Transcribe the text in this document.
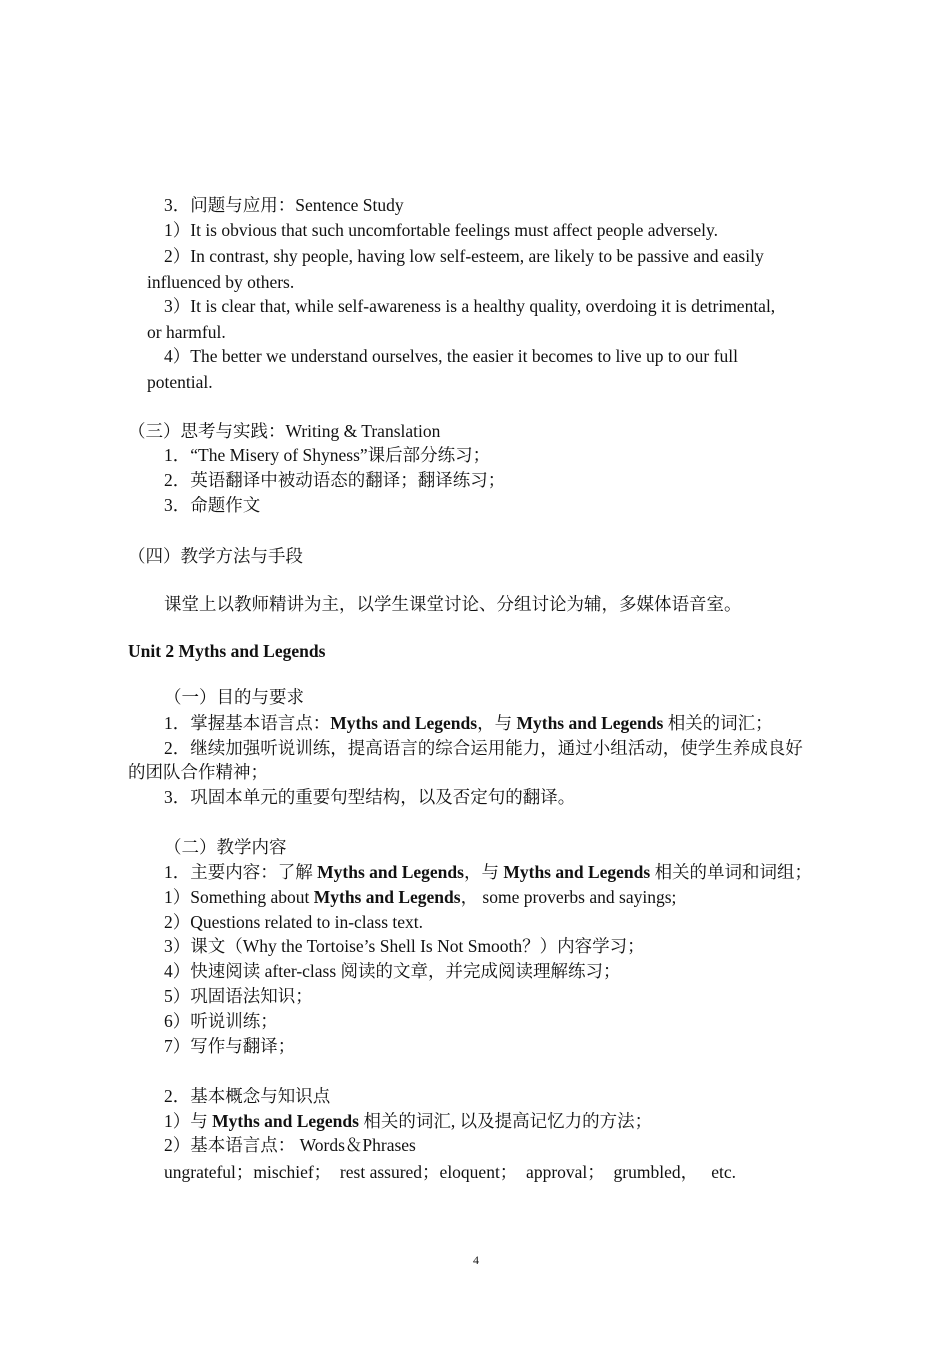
3．问题与应用：Sentence Study
1）It is obvious that such uncomfortable feelings must affect people adversely.
2）In contrast, shy people, having low self-esteem, are likely to be passive and easily
influenced by others.
3）It is clear that, while self-awareness is a healthy quality, overdoing it is detrimental,
or harmful.
4）The better we understand ourselves, the easier it becomes to live up to our full
potential.
（三）思考与实践：Writing & Translation
1．“The Misery of Shyness”课后部分练习；
2．英语翻译中被动语态的翻译；翻译练习；
3．命题作文
（四）教学方法与手段
课堂上以教师精讲为主，以学生课堂讨论、分组讨论为辅，多媒体语音室。
Unit 2 Myths and Legends
（一）目的与要求
1．掌握基本语言点：Myths and Legends，与 Myths and Legends 相关的词汇；
2．继续加强听说训练，提高语言的综合运用能力，通过小组活动，使学生养成良好
的团队合作精神；
3．巩固本单元的重要句型结构，以及否定句的翻译。
（二）教学内容
1．主要内容：了解 Myths and Legends，与 Myths and Legends 相关的单词和词组；
1）Something about Myths and Legends， some proverbs and sayings;
2）Questions related to in-class text.
3）课文（Why the Tortoise’s Shell Is Not Smooth？）内容学习；
4）快速阅读 after-class 阅读的文章，并完成阅读理解练习；
5）巩固语法知识；
6）听说训练；
7）写作与翻译；
2．基本概念与知识点
1）与 Myths and Legends 相关的词汇, 以及提高记忆力的方法；
2）基本语言点： Words＆Phrases
ungrateful；mischief；  rest assured；eloquent；  approval；  grumbled，   etc.
4
